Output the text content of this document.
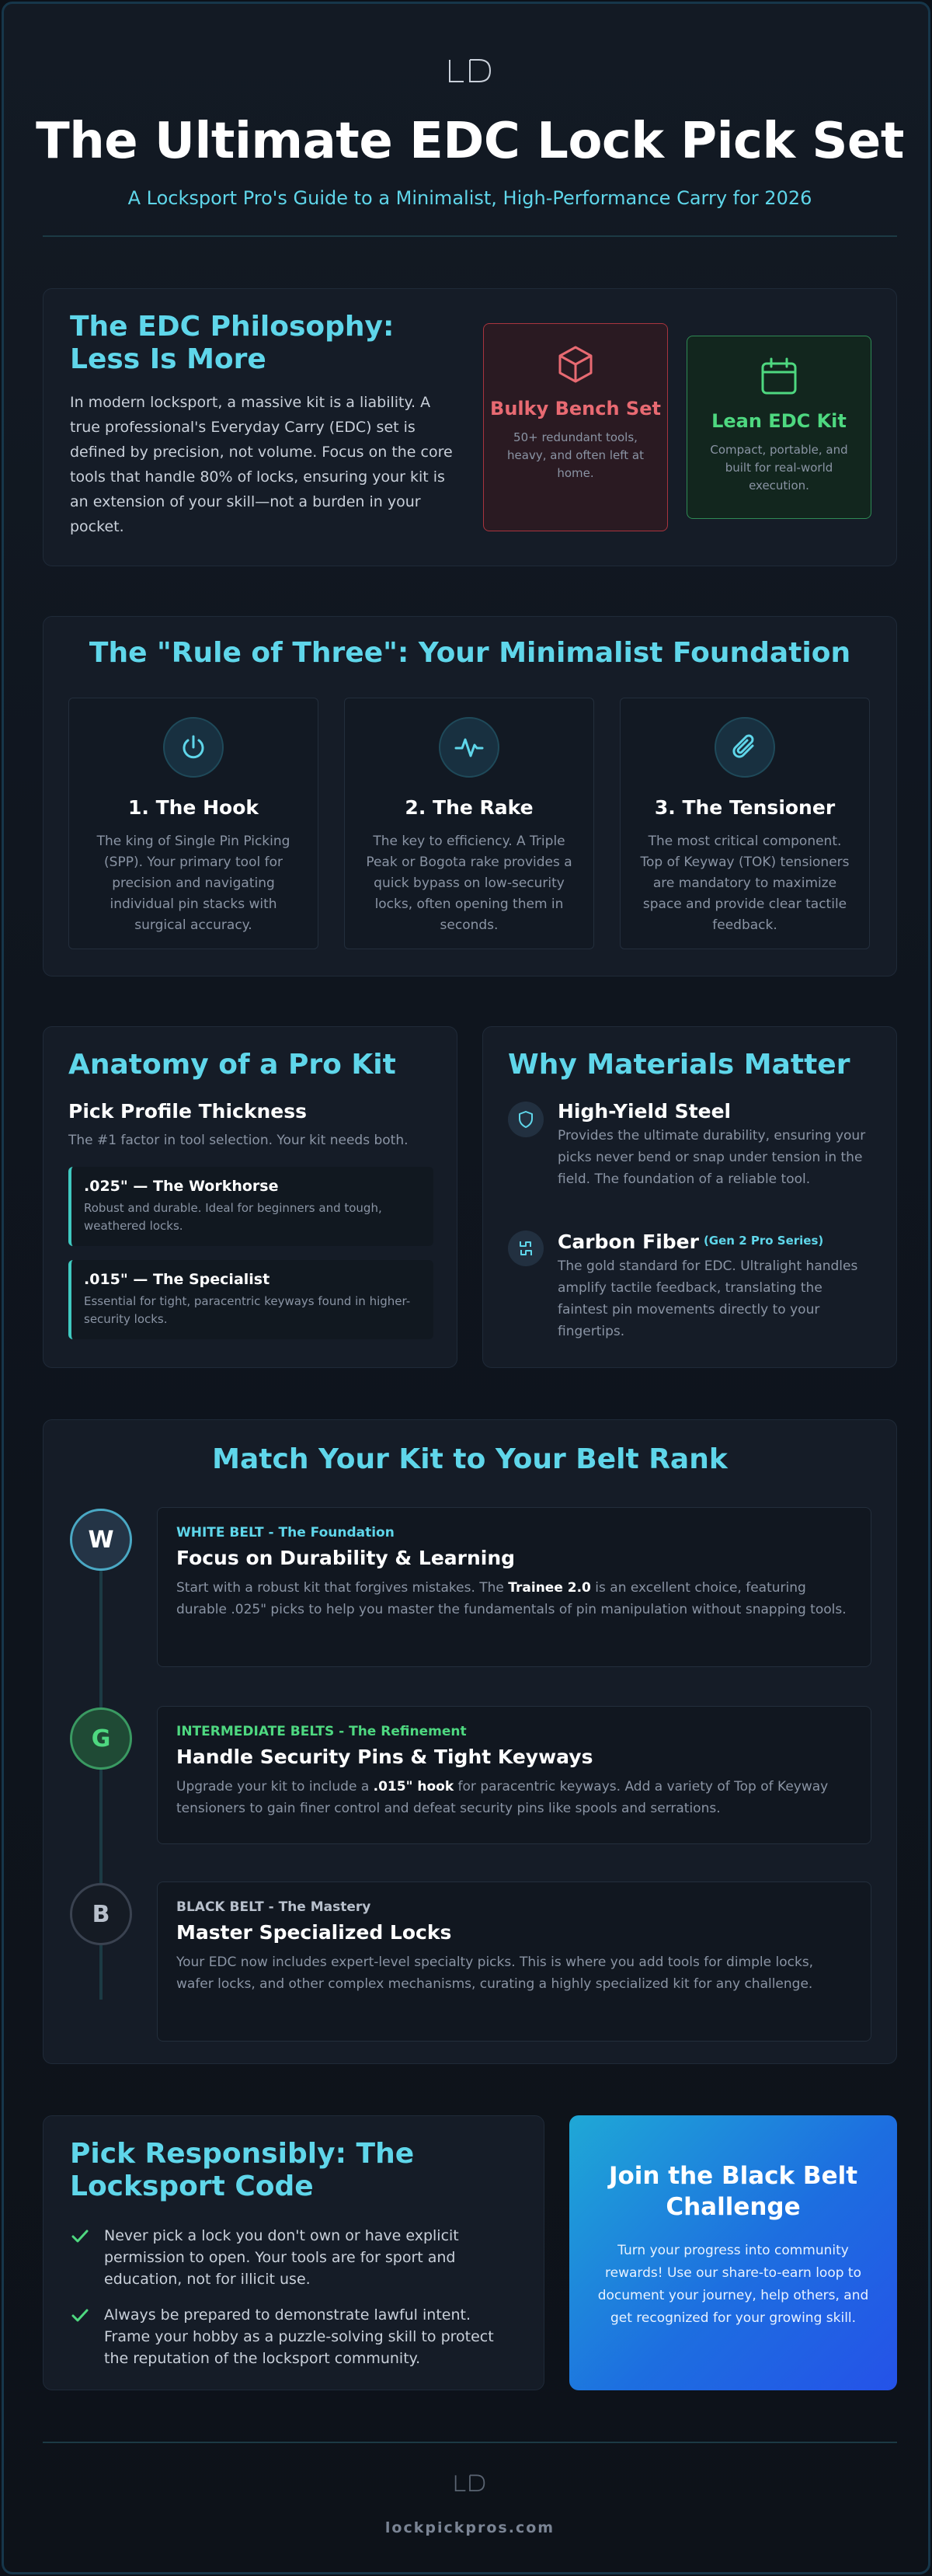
The Ultimate EDC Lock Pick Set
A Locksport Pro's Guide to a Minimalist, High-Performance Carry for 2026
The EDC Philosophy: Less Is More
In modern locksport, a massive kit is a liability. A true professional's Everyday Carry (EDC) set is defined by precision, not volume. Focus on the core tools that handle 80% of locks, ensuring your kit is an extension of your skill—not a burden in your pocket.
Bulky Bench Set
50+ redundant tools, heavy, and often left at home.
Lean EDC Kit
Compact, portable, and built for real-world execution.
The "Rule of Three": Your Minimalist Foundation
1. The Hook
The king of Single Pin Picking (SPP). Your primary tool for precision and navigating individual pin stacks with surgical accuracy.
2. The Rake
The key to efficiency. A Triple Peak or Bogota rake provides a quick bypass on low-security locks, often opening them in seconds.
3. The Tensioner
The most critical component. Top of Keyway (TOK) tensioners are mandatory to maximize space and provide clear tactile feedback.
Anatomy of a Pro Kit
Pick Profile Thickness
The #1 factor in tool selection. Your kit needs both.
.025" — The Workhorse
Robust and durable. Ideal for beginners and tough, weathered locks.
.015" — The Specialist
Essential for tight, paracentric keyways found in higher-security locks.
Why Materials Matter
High-Yield Steel
Provides the ultimate durability, ensuring your picks never bend or snap under tension in the field. The foundation of a reliable tool.
Carbon Fiber $^{(Gen 2 Pro Series)}$
The gold standard for EDC. Ultralight handles amplify tactile feedback, translating the faintest pin movements directly to your fingertips.
Match Your Kit to Your Belt Rank
W	WHITE BELT - The Foundation
Focus on Durability & Learning
Start with a robust kit that forgives mistakes. The Trainee 2.0 is an excellent choice, featuring durable .025" picks to help you master the fundamentals of pin manipulation without snapping tools.
G	INTERMEDIATE BELTS - The Refinement
Handle Security Pins & Tight Keyways
Upgrade your kit to include a .015" hook for paracentric keyways. Add a variety of Top of Keyway tensioners to gain finer control and defeat security pins like spools and serrations.
B	BLACK BELT - The Mastery
Master Specialized Locks
Your EDC now includes expert-level specialty picks. This is where you add tools for dimple locks, wafer locks, and other complex mechanisms, curating a highly specialized kit for any challenge.
Pick Responsibly: The Locksport Code
Never pick a lock you don't own or have explicit permission to open. Your tools are for sport and education, not for illicit use.
Always be prepared to demonstrate lawful intent. Frame your hobby as a puzzle-solving skill to protect the reputation of the locksport community.
Join the Black Belt Challenge
Turn your progress into community rewards! Use our share-to-earn loop to document your journey, help others, and get recognized for your growing skill.
lockpickpros.com
